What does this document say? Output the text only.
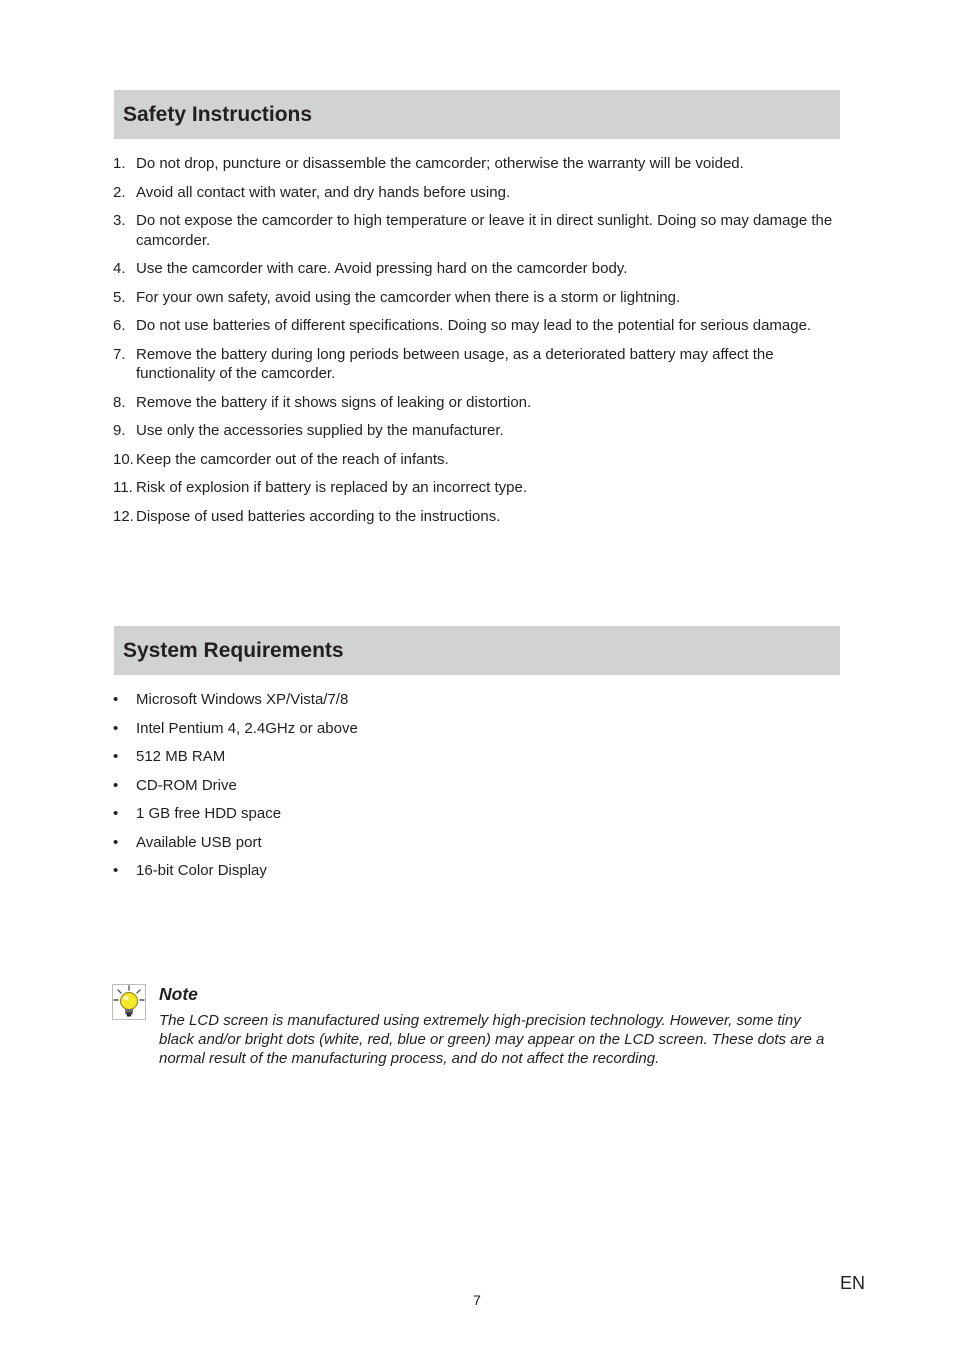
Safety Instructions
1. Do not drop, puncture or disassemble the camcorder; otherwise the warranty will be voided.
2. Avoid all contact with water, and dry hands before using.
3. Do not expose the camcorder to high temperature or leave it in direct sunlight. Doing so may damage the camcorder.
4. Use the camcorder with care. Avoid pressing hard on the camcorder body.
5. For your own safety, avoid using the camcorder when there is a storm or lightning.
6. Do not use batteries of different specifications. Doing so may lead to the potential for serious damage.
7. Remove the battery during long periods between usage, as a deteriorated battery may affect the functionality of the camcorder.
8. Remove the battery if it shows signs of leaking or distortion.
9. Use only the accessories supplied by the manufacturer.
10. Keep the camcorder out of the reach of infants.
11. Risk of explosion if battery is replaced by an incorrect type.
12. Dispose of used batteries according to the instructions.
System Requirements
• Microsoft Windows XP/Vista/7/8
• Intel Pentium 4, 2.4GHz or above
• 512 MB RAM
• CD-ROM Drive
• 1 GB free HDD space
• Available USB port
• 16-bit Color Display
Note
The LCD screen is manufactured using extremely high-precision technology. However, some tiny black and/or bright dots (white, red, blue or green) may appear on the LCD screen. These dots are a normal result of the manufacturing process, and do not affect the recording.
7
EN
